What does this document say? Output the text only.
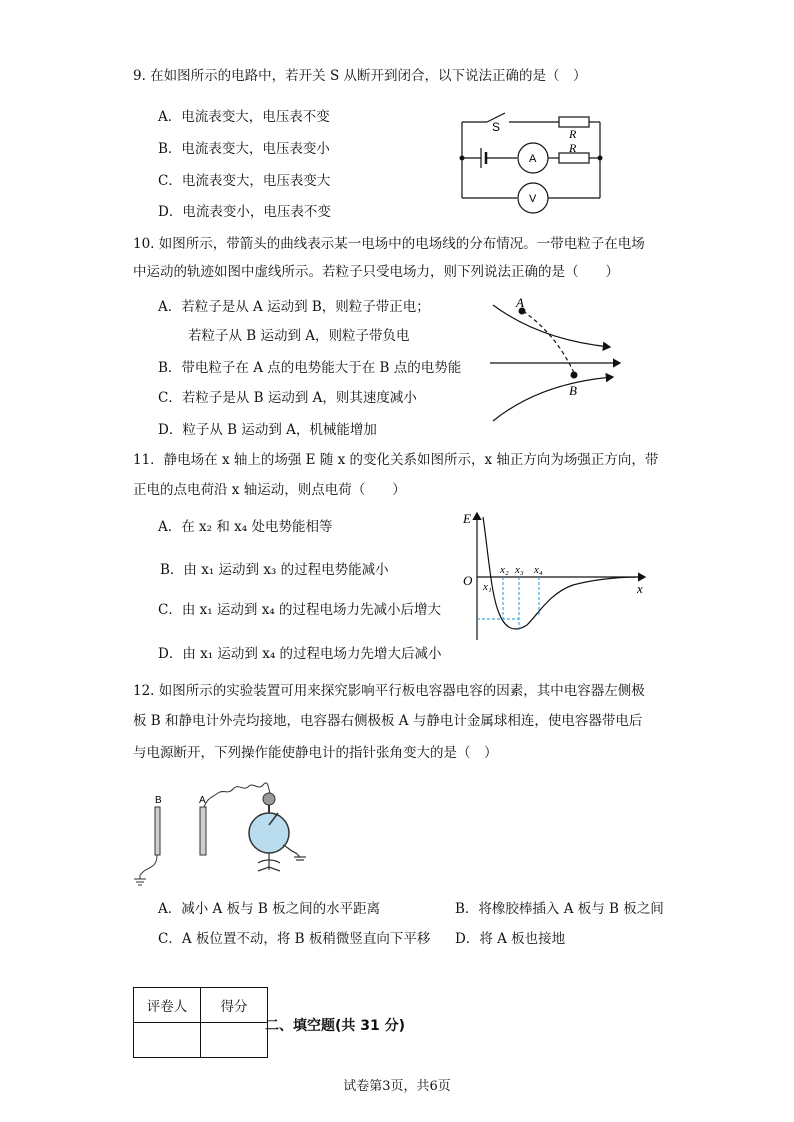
9. 在如图所示的电路中，若开关 S 从断开到闭合，以下说法正确的是（　）
A．电流表变大，电压表不变
B．电流表变大，电压表变小
C．电流表变大，电压表变大
D．电流表变小，电压表不变
S	R
R
A
V
10. 如图所示，带箭头的曲线表示某一电场中的电场线的分布情况。一带电粒子在电场
中运动的轨迹如图中虚线所示。若粒子只受电场力，则下列说法正确的是（　　）
A．若粒子是从 A 运动到 B，则粒子带正电；
若粒子从 B 运动到 A，则粒子带负电
B．带电粒子在 A 点的电势能大于在 B 点的电势能
C．若粒子是从 B 运动到 A，则其速度减小
D．粒子从 B 运动到 A，机械能增加
A
B
11．静电场在 x 轴上的场强 E 随 x 的变化关系如图所示，x 轴正方向为场强正方向，带
正电的点电荷沿 x 轴运动，则点电荷（　　）
A．在 x₂ 和 x₄ 处电势能相等
B．由 x₁ 运动到 x₃ 的过程电势能减小
C．由 x₁ 运动到 x₄ 的过程电场力先减小后增大
D．由 x₁ 运动到 x₄ 的过程电场力先增大后减小
E
x
O x₁
x₂ x₃ x₄
12. 如图所示的实验装置可用来探究影响平行板电容器电容的因素，其中电容器左侧极
板 B 和静电计外壳均接地，电容器右侧极板 A 与静电计金属球相连，使电容器带电后
与电源断开，下列操作能使静电计的指针张角变大的是（　）
B	A
A．减小 A 板与 B 板之间的水平距离	B．将橡胶棒插入 A 板与 B 板之间
C．A 板位置不动，将 B 板稍微竖直向下平移 D．将 A 板也接地
评卷人	得分

二、填空题(共 31 分)
试卷第3页，共6页
